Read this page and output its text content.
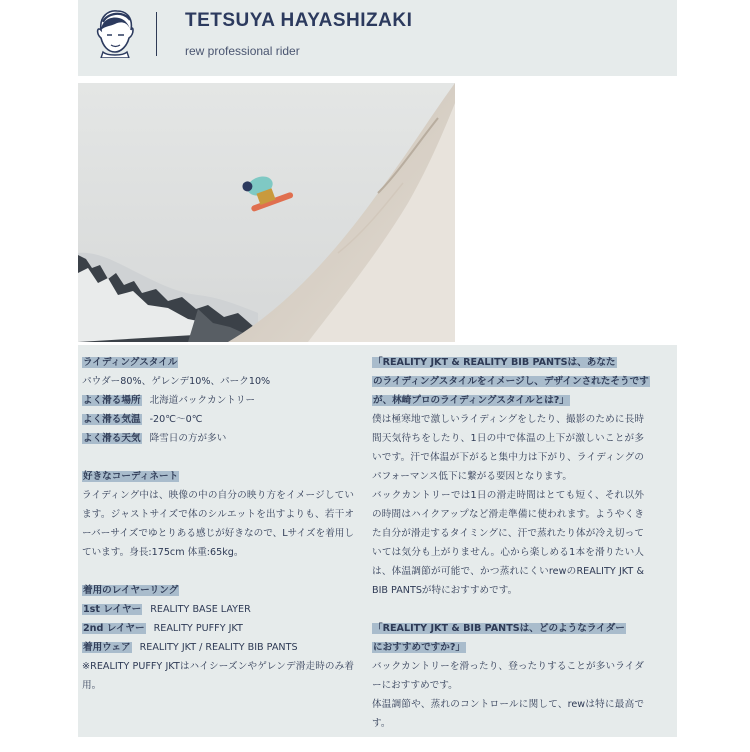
TETSUYA HAYASHIZAKI
rew professional rider
ライディングスタイル
パウダー80%、ゲレンデ10%、パーク10%
よく滑る場所 北海道バックカントリー
よく滑る気温 -20℃〜0℃
よく滑る天気 降雪日の方が多い
好きなコーディネート
ライディング中は、映像の中の自分の映り方をイメージしています。ジャストサイズで体のシルエットを出すよりも、若干オーバーサイズでゆとりある感じが好きなので、Lサイズを着用しています。身長:175cm 体重:65kg。
着用のレイヤーリング
1st レイヤー REALITY BASE LAYER
2nd レイヤー REALITY PUFFY JKT
着用ウェア REALITY JKT / REALITY BIB PANTS
※REALITY PUFFY JKTはハイシーズンやゲレンデ滑走時のみ着用。
「REALITY JKT & REALITY BIB PANTSは、あなた
のライディングスタイルをイメージし、デザインされたそうです
が、林崎プロのライディングスタイルとは?」
僕は極寒地で激しいライディングをしたり、撮影のために長時間天気待ちをしたり、1日の中で体温の上下が激しいことが多いです。汗で体温が下がると集中力は下がり、ライディングのパフォーマンス低下に繋がる要因となります。
バックカントリーでは1日の滑走時間はとても短く、それ以外の時間はハイクアップなど滑走準備に使われます。ようやくきた自分が滑走するタイミングに、汗で蒸れたり体が冷え切っていては気分も上がりません。心から楽しめる1本を滑りたい人は、体温調節が可能で、かつ蒸れにくいrewのREALITY JKT & BIB PANTSが特におすすめです。
「REALITY JKT & BIB PANTSは、どのようなライダー
におすすめですか?」
バックカントリーを滑ったり、登ったりすることが多いライダーにおすすめです。
体温調節や、蒸れのコントロールに関して、rewは特に最高です。
